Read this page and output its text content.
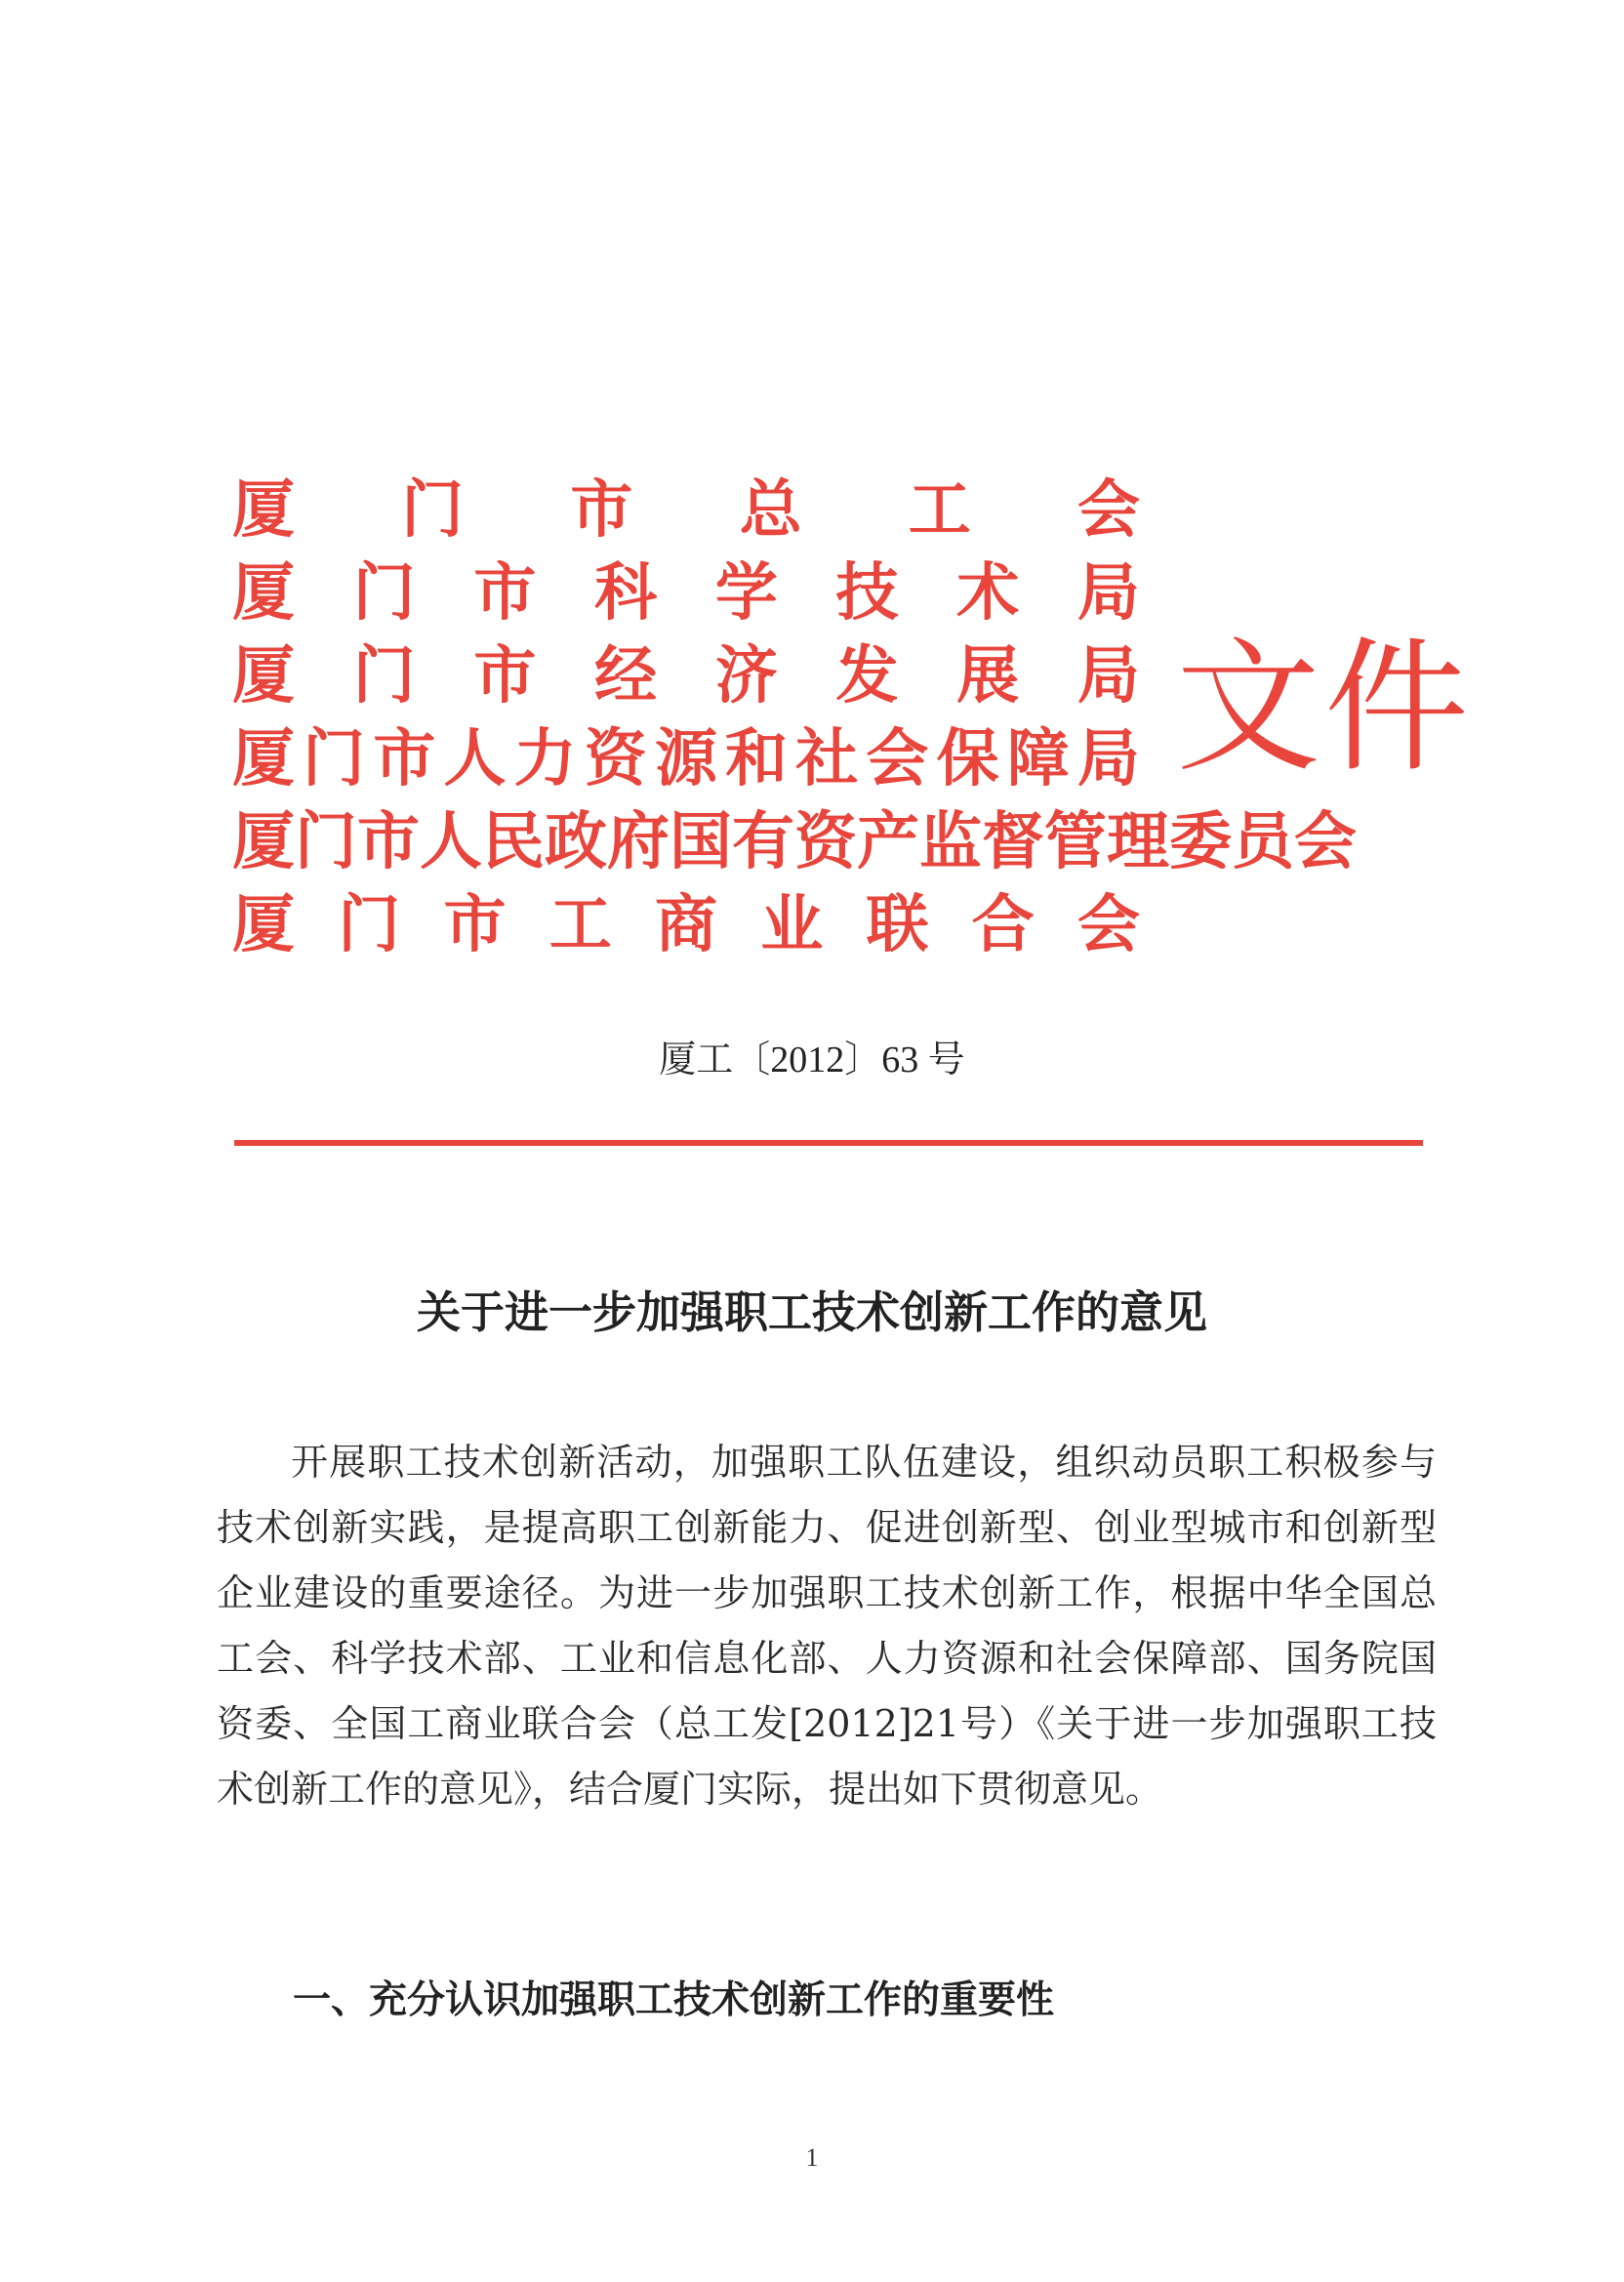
厦 门 市 总 工 会
厦 门 市 科 学 技 术 局
厦 门 市 经 济 发 展 局
厦 门 市 人 力 资 源 和 社 会 保 障 局
厦 门 市 人 民 政 府 国 有 资 产 监 督 管 理 委 员 会
厦 门 市 工 商 业 联 合 会
文件
厦工〔2012〕63 号
关于进一步加强职工技术创新工作的意见

开展职工技术创新活动，加强职工队伍建设，组织动员职工积极参与技术创新实践，是提高职工创新能力、促进创新型、创业型城市和创新型企业建设的重要途径。为进一步加强职工技术创新工作，根据中华全国总工会、科学技术部、工业和信息化部、人力资源和社会保障部、国务院国资委、全国工商业联合会（总工发[2012]21号）《关于进一步加强职工技术创新工作的意见》，结合厦门实际，提出如下贯彻意见。

一、充分认识加强职工技术创新工作的重要性
1
